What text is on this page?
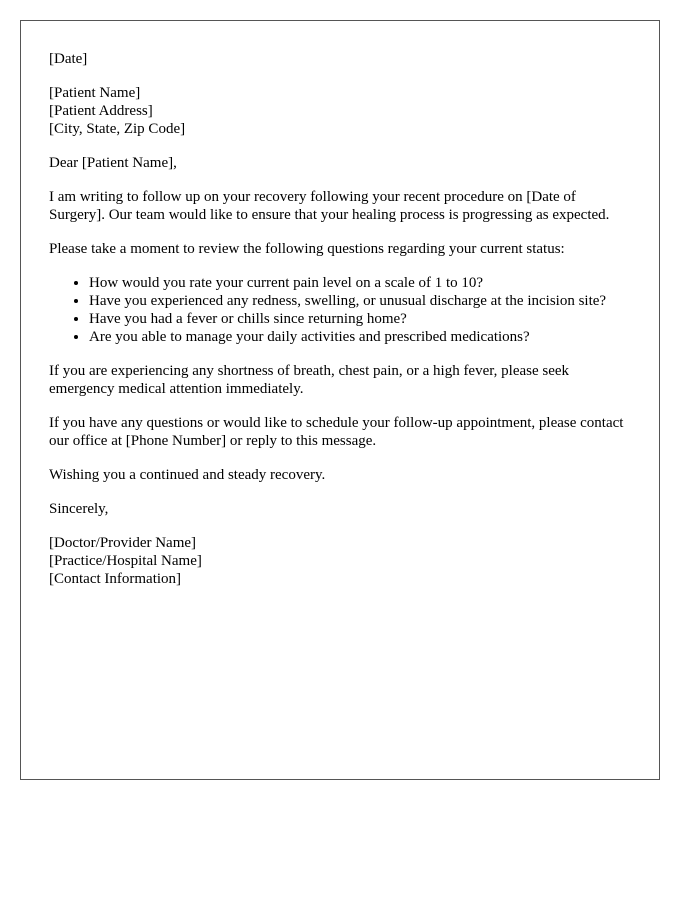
[Date]
[Patient Name]
[Patient Address]
[City, State, Zip Code]

Dear [Patient Name],

I am writing to follow up on your recovery following your recent procedure on [Date of Surgery]. Our team would like to ensure that your healing process is progressing as expected.

Please take a moment to review the following questions regarding your current status:

• How would you rate your current pain level on a scale of 1 to 10?
• Have you experienced any redness, swelling, or unusual discharge at the incision site?
• Have you had a fever or chills since returning home?
• Are you able to manage your daily activities and prescribed medications?

If you are experiencing any shortness of breath, chest pain, or a high fever, please seek emergency medical attention immediately.

If you have any questions or would like to schedule your follow-up appointment, please contact our office at [Phone Number] or reply to this message.

Wishing you a continued and steady recovery.

Sincerely,

[Doctor/Provider Name]
[Practice/Hospital Name]
[Contact Information]
